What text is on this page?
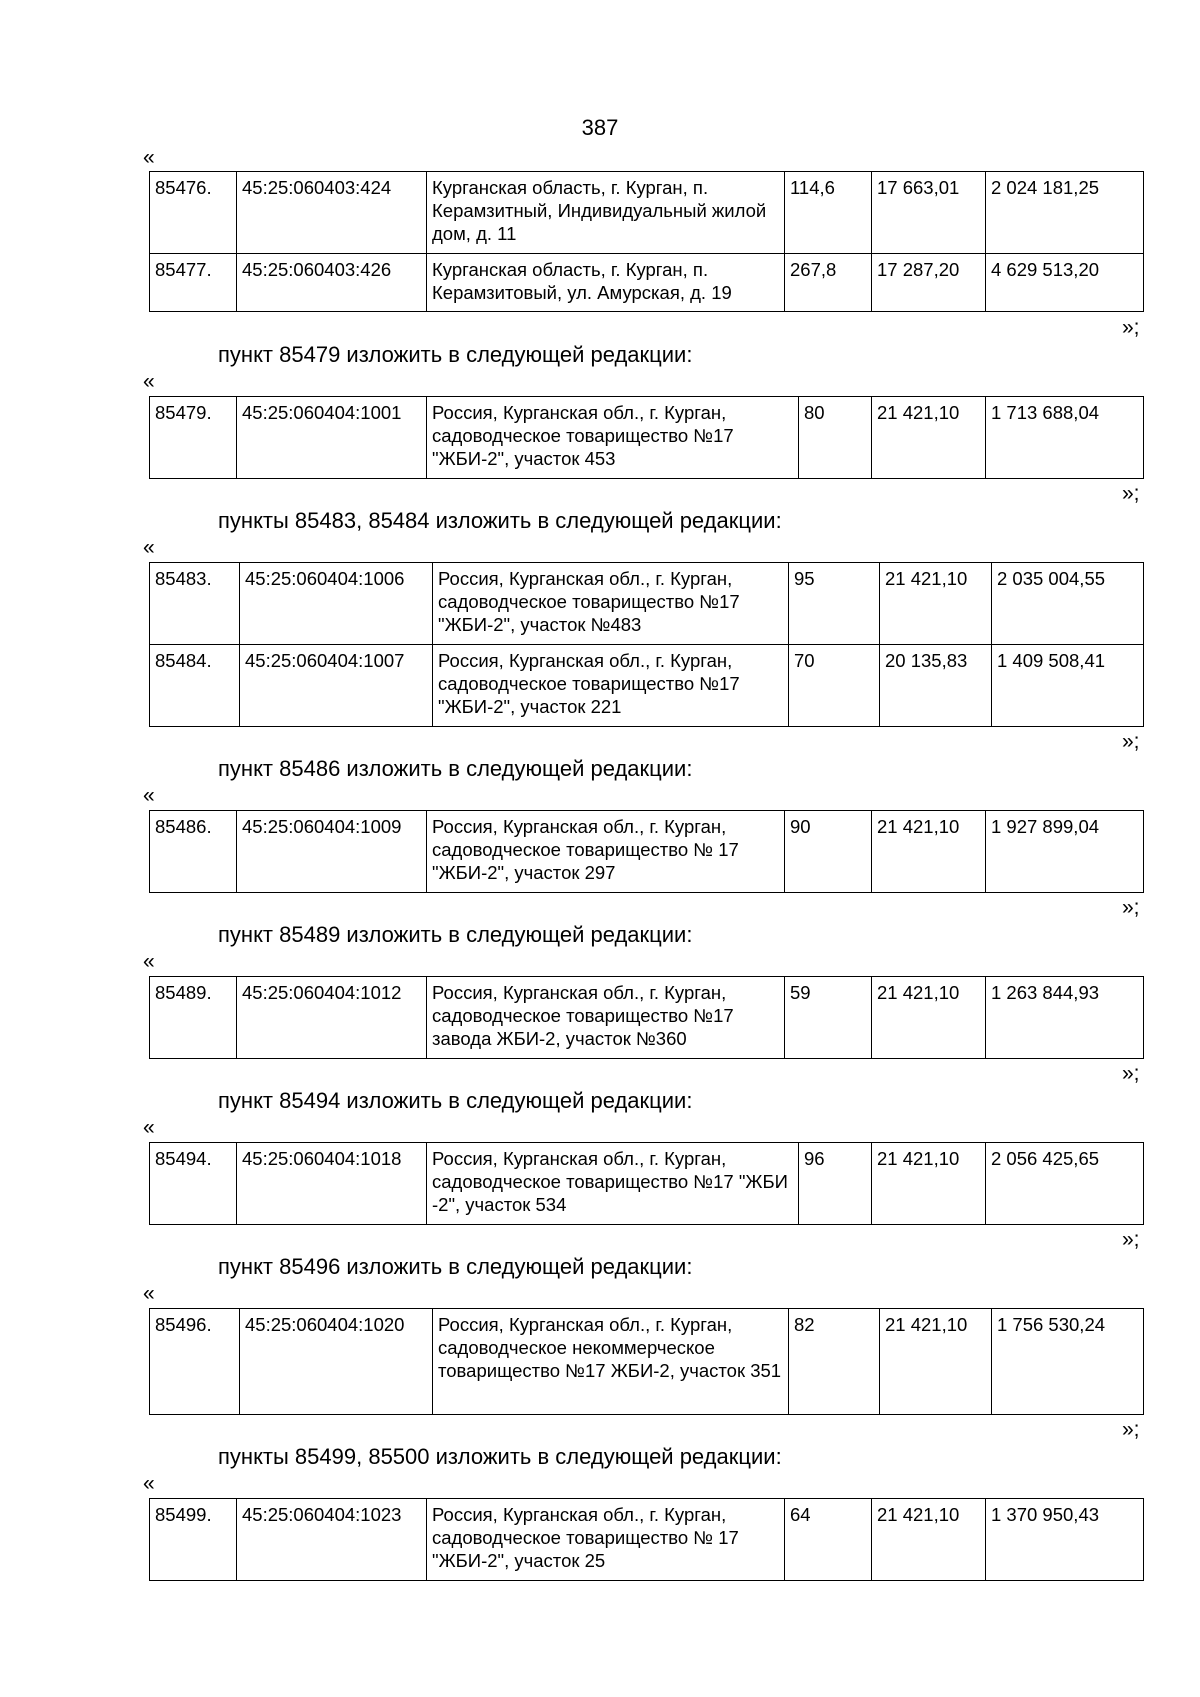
387
«
85476.	45:25:060403:424	Курганская область, г. Курган, п. Керамзитный, Индивидуальный жилой дом, д. 11	114,6	17 663,01	2 024 181,25
85477.	45:25:060403:426	Курганская область, г. Курган, п. Керамзитовый, ул. Амурская, д. 19	267,8	17 287,20	4 629 513,20
»;
пункт 85479 изложить в следующей редакции:
«
85479.	45:25:060404:1001	Россия, Курганская обл., г. Курган, садоводческое товарищество №17 "ЖБИ-2", участок 453	80	21 421,10	1 713 688,04
»;
пункты 85483, 85484 изложить в следующей редакции:
«
85483.	45:25:060404:1006	Россия, Курганская обл., г. Курган, садоводческое товарищество №17 "ЖБИ-2", участок №483	95	21 421,10	2 035 004,55
85484.	45:25:060404:1007	Россия, Курганская обл., г. Курган, садоводческое товарищество №17 "ЖБИ-2", участок 221	70	20 135,83	1 409 508,41
»;
пункт 85486 изложить в следующей редакции:
«
85486.	45:25:060404:1009	Россия, Курганская обл., г. Курган, садоводческое товарищество № 17 "ЖБИ-2", участок 297	90	21 421,10	1 927 899,04
»;
пункт 85489 изложить в следующей редакции:
«
85489.	45:25:060404:1012	Россия, Курганская обл., г. Курган, садоводческое товарищество №17 завода ЖБИ-2, участок №360	59	21 421,10	1 263 844,93
»;
пункт 85494 изложить в следующей редакции:
«
85494.	45:25:060404:1018	Россия, Курганская обл., г. Курган, садоводческое товарищество №17 "ЖБИ -2", участок 534	96	21 421,10	2 056 425,65
»;
пункт 85496 изложить в следующей редакции:
«
85496.	45:25:060404:1020	Россия, Курганская обл., г. Курган, садоводческое некоммерческое товарищество №17 ЖБИ-2, участок 351	82	21 421,10	1 756 530,24
»;
пункты 85499, 85500 изложить в следующей редакции:
«
85499.	45:25:060404:1023	Россия, Курганская обл., г. Курган, садоводческое товарищество № 17 "ЖБИ-2", участок 25	64	21 421,10	1 370 950,43
